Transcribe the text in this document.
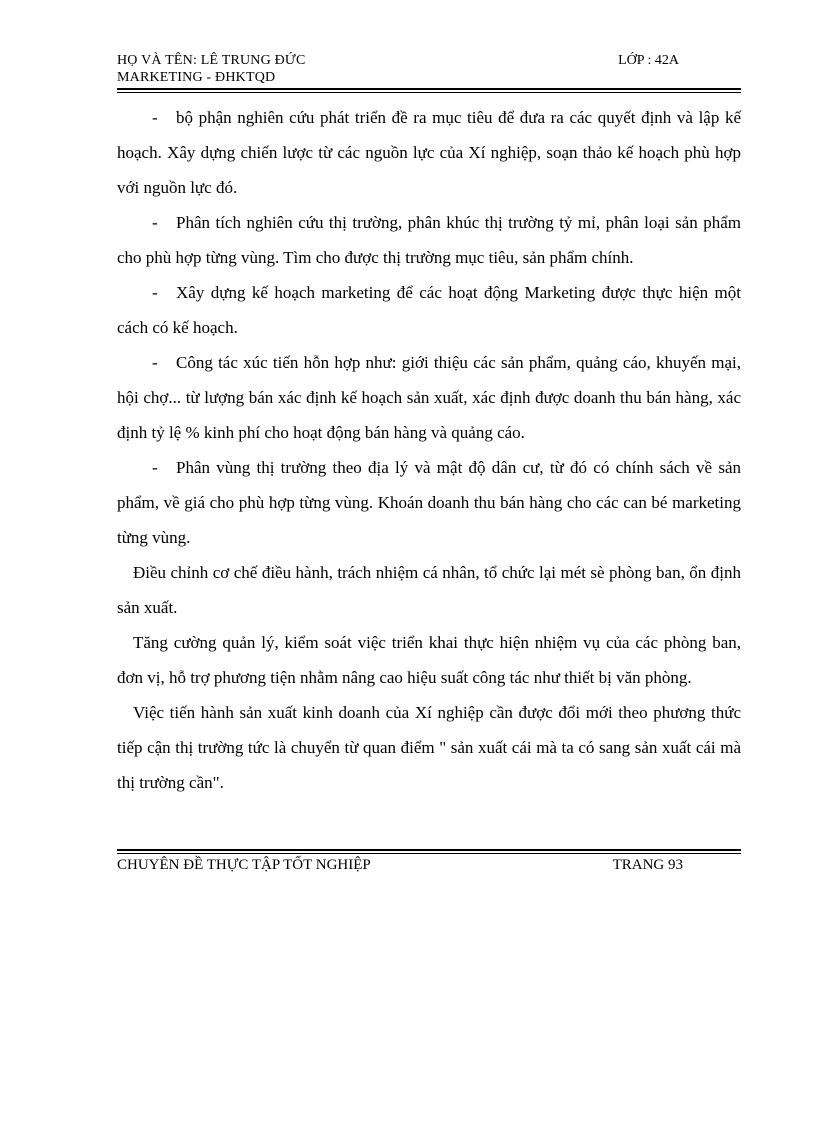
HỌ VÀ TÊN: LÊ TRUNG ĐỨC
MARKETING - ĐHKTQD
LỚP : 42A

- bộ phận nghiên cứu phát triển đề ra mục tiêu để đưa ra các quyết định và lập kế hoạch. Xây dựng chiến lược từ các nguồn lực của Xí nghiệp, soạn thảo kế hoạch phù hợp với nguồn lực đó.

- Phân tích nghiên cứu thị trường, phân khúc thị trường tỷ mỉ, phân loại sản phẩm cho phù hợp từng vùng. Tìm cho được thị trường mục tiêu, sản phẩm chính.

- Xây dựng kế hoạch marketing để các hoạt động Marketing được thực hiện một cách có kế hoạch.

- Công tác xúc tiến hỗn hợp như: giới thiệu các sản phẩm, quảng cáo, khuyến mại, hội chợ... từ lượng bán xác định kế hoạch sản xuất, xác định được doanh thu bán hàng, xác định tỷ lệ % kinh phí cho hoạt động bán hàng và quảng cáo.

- Phân vùng thị trường theo địa lý và mật độ dân cư, từ đó có chính sách về sản phẩm, về giá cho phù hợp từng vùng. Khoán doanh thu bán hàng cho các can bé marketing từng vùng.

Điều chỉnh cơ chế điều hành, trách nhiệm cá nhân, tổ chức lại mét sè phòng ban, ổn định sản xuất.

Tăng cường quản lý, kiểm soát việc triển khai thực hiện nhiệm vụ của các phòng ban, đơn vị, hỗ trợ phương tiện nhằm nâng cao hiệu suất công tác như thiết bị văn phòng.

Việc tiến hành sản xuất kinh doanh của Xí nghiệp cần được đổi mới theo phương thức tiếp cận thị trường tức là chuyển từ quan điểm " sản xuất cái mà ta có sang sản xuất cái mà thị trường cần".

CHUYÊN ĐỀ THỰC TẬP TỐT NGHIỆP	TRANG 93
